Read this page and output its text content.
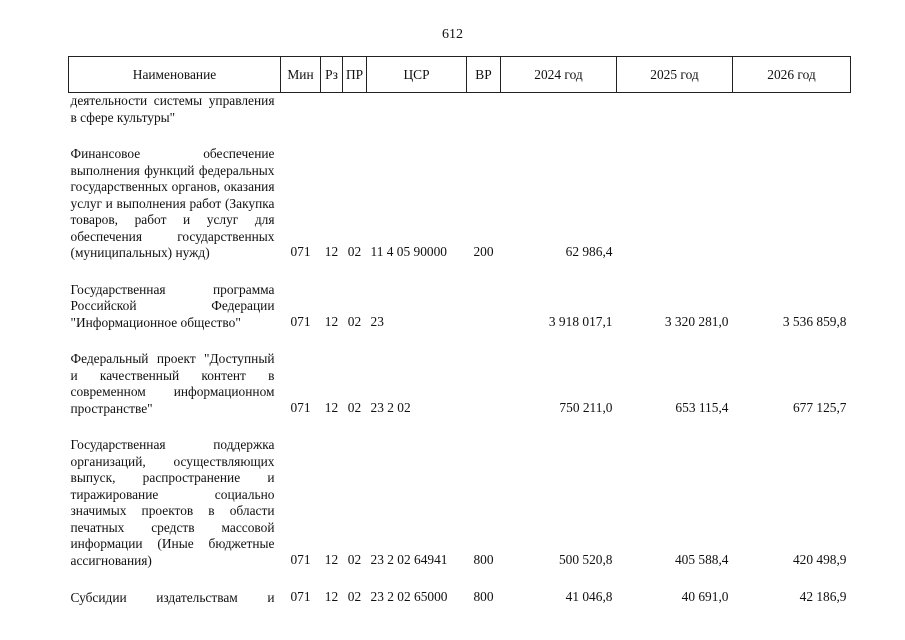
612
Наименование	Мин	Рз	ПР	ЦСР	ВР	2024 год	2025 год	2026 год
деятельности системы управления в сфере культуры"								

Финансовое обеспечение выполнения функций федеральных государственных органов, оказания услуг и выполнения работ (Закупка товаров, работ и услуг для обеспечения государственных (муниципальных) нужд)	071	12	02	11 4 05 90000	200	62 986,4		

Государственная программа Российской Федерации "Информационное общество"	071	12	02	23		3 918 017,1	3 320 281,0	3 536 859,8

Федеральный проект "Доступный и качественный контент в современном информационном пространстве"	071	12	02	23 2 02		750 211,0	653 115,4	677 125,7

Государственная поддержка организаций, осуществляющих выпуск, распространение и тиражирование социально значимых проектов в области печатных средств массовой информации (Иные бюджетные ассигнования)	071	12	02	23 2 02 64941	800	500 520,8	405 588,4	420 498,9

Субсидии издательствам и	071	12	02	23 2 02 65000	800	41 046,8	40 691,0	42 186,9
